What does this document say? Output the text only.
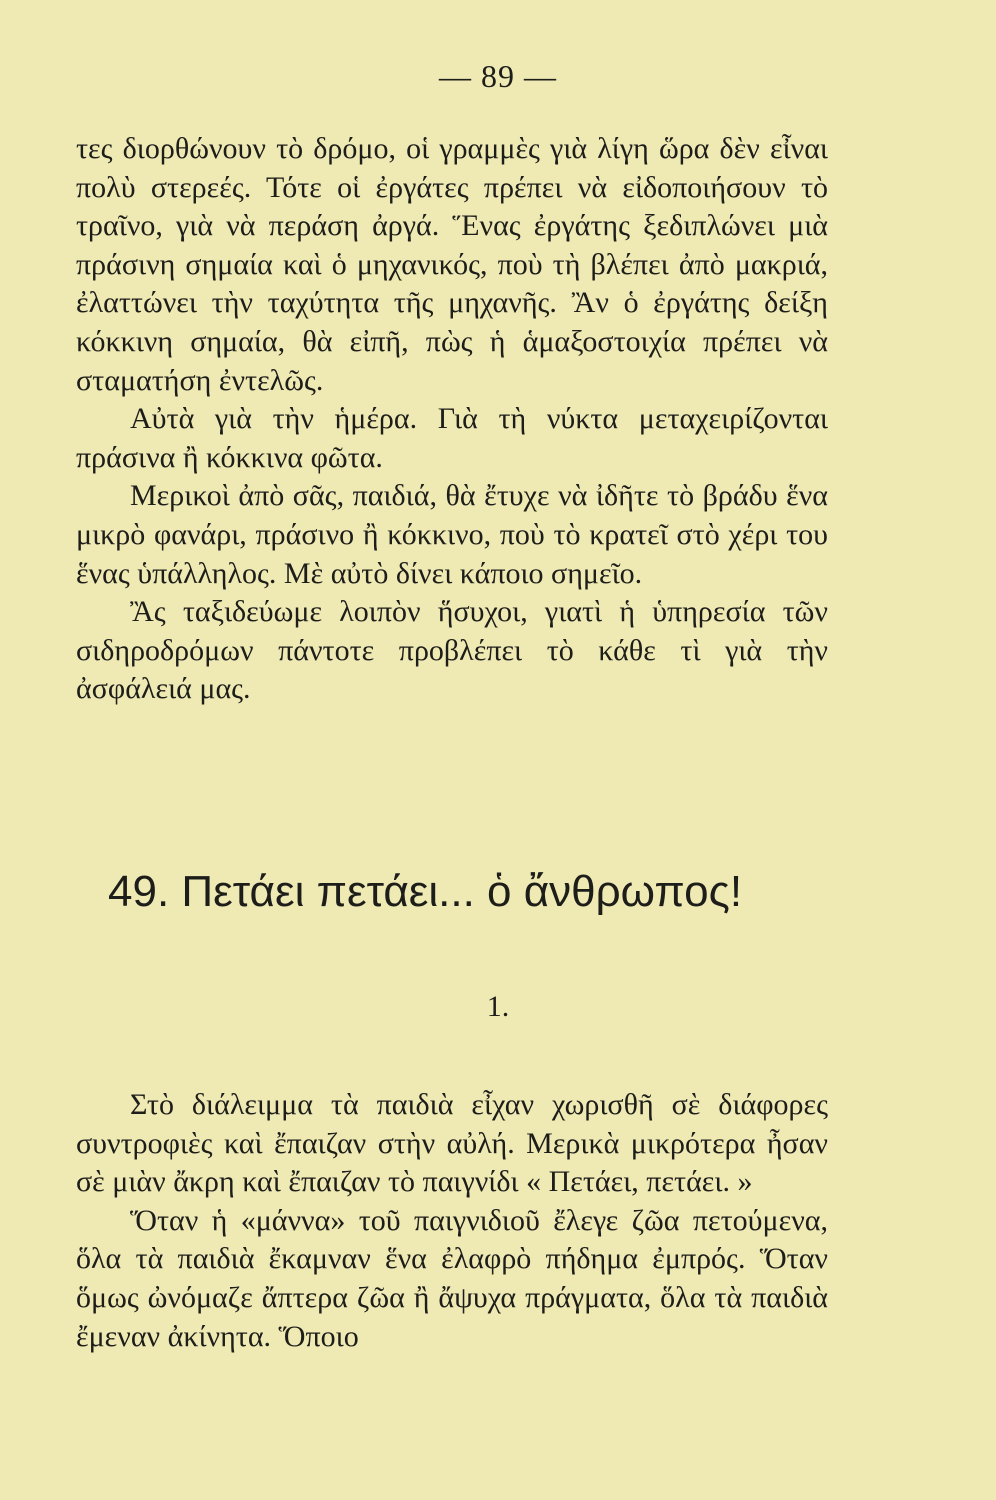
— 89 —

τες διορθώνουν τὸ δρόμο, οἱ γραμμὲς γιὰ λίγη ὥρα δὲν εἶναι πολὺ στερεές. Τότε οἱ ἐργάτες πρέπει νὰ εἰδοποιήσουν τὸ τραῖνο, γιὰ νὰ περάση ἀργά. Ἕνας ἐργάτης ξεδιπλώνει μιὰ πράσινη σημαία καὶ ὁ μηχανικός, ποὺ τὴ βλέπει ἀπὸ μακριά, ἐλαττώνει τὴν ταχύτητα τῆς μηχανῆς. Ἂν ὁ ἐργάτης δείξη κόκκινη σημαία, θὰ εἰπῆ, πὼς ἡ ἁμαξοστοιχία πρέπει νὰ σταματήση ἐντελῶς.

Αὐτὰ γιὰ τὴν ἡμέρα. Γιὰ τὴ νύκτα μεταχειρίζονται πράσινα ἢ κόκκινα φῶτα.

Μερικοὶ ἀπὸ σᾶς, παιδιά, θὰ ἔτυχε νὰ ἰδῆτε τὸ βράδυ ἕνα μικρὸ φανάρι, πράσινο ἢ κόκκινο, ποὺ τὸ κρατεῖ στὸ χέρι του ἕνας ὑπάλληλος. Μὲ αὐτὸ δίνει κάποιο σημεῖο.

Ἂς ταξιδεύωμε λοιπὸν ἥσυχοι, γιατὶ ἡ ὑπηρεσία τῶν σιδηροδρόμων πάντοτε προβλέπει τὸ κάθε τὶ γιὰ τὴν ἀσφάλειά μας.

49. Πετάει πετάει... ὁ ἄνθρωπος!
1.

Στὸ διάλειμμα τὰ παιδιὰ εἶχαν χωρισθῆ σὲ διάφορες συντροφιὲς καὶ ἔπαιζαν στὴν αὐλή. Μερικὰ μικρότερα ἦσαν σὲ μιὰν ἄκρη καὶ ἔπαιζαν τὸ παιγνίδι « Πετάει, πετάει. »

Ὅταν ἡ «μάννα» τοῦ παιγνιδιοῦ ἔλεγε ζῶα πετούμενα, ὅλα τὰ παιδιὰ ἔκαμναν ἕνα ἐλαφρὸ πήδημα ἐμπρός. Ὅταν ὅμως ὠνόμαζε ἄπτερα ζῶα ἢ ἄψυχα πράγματα, ὅλα τὰ παιδιὰ ἔμεναν ἀκίνητα. Ὅποιο
